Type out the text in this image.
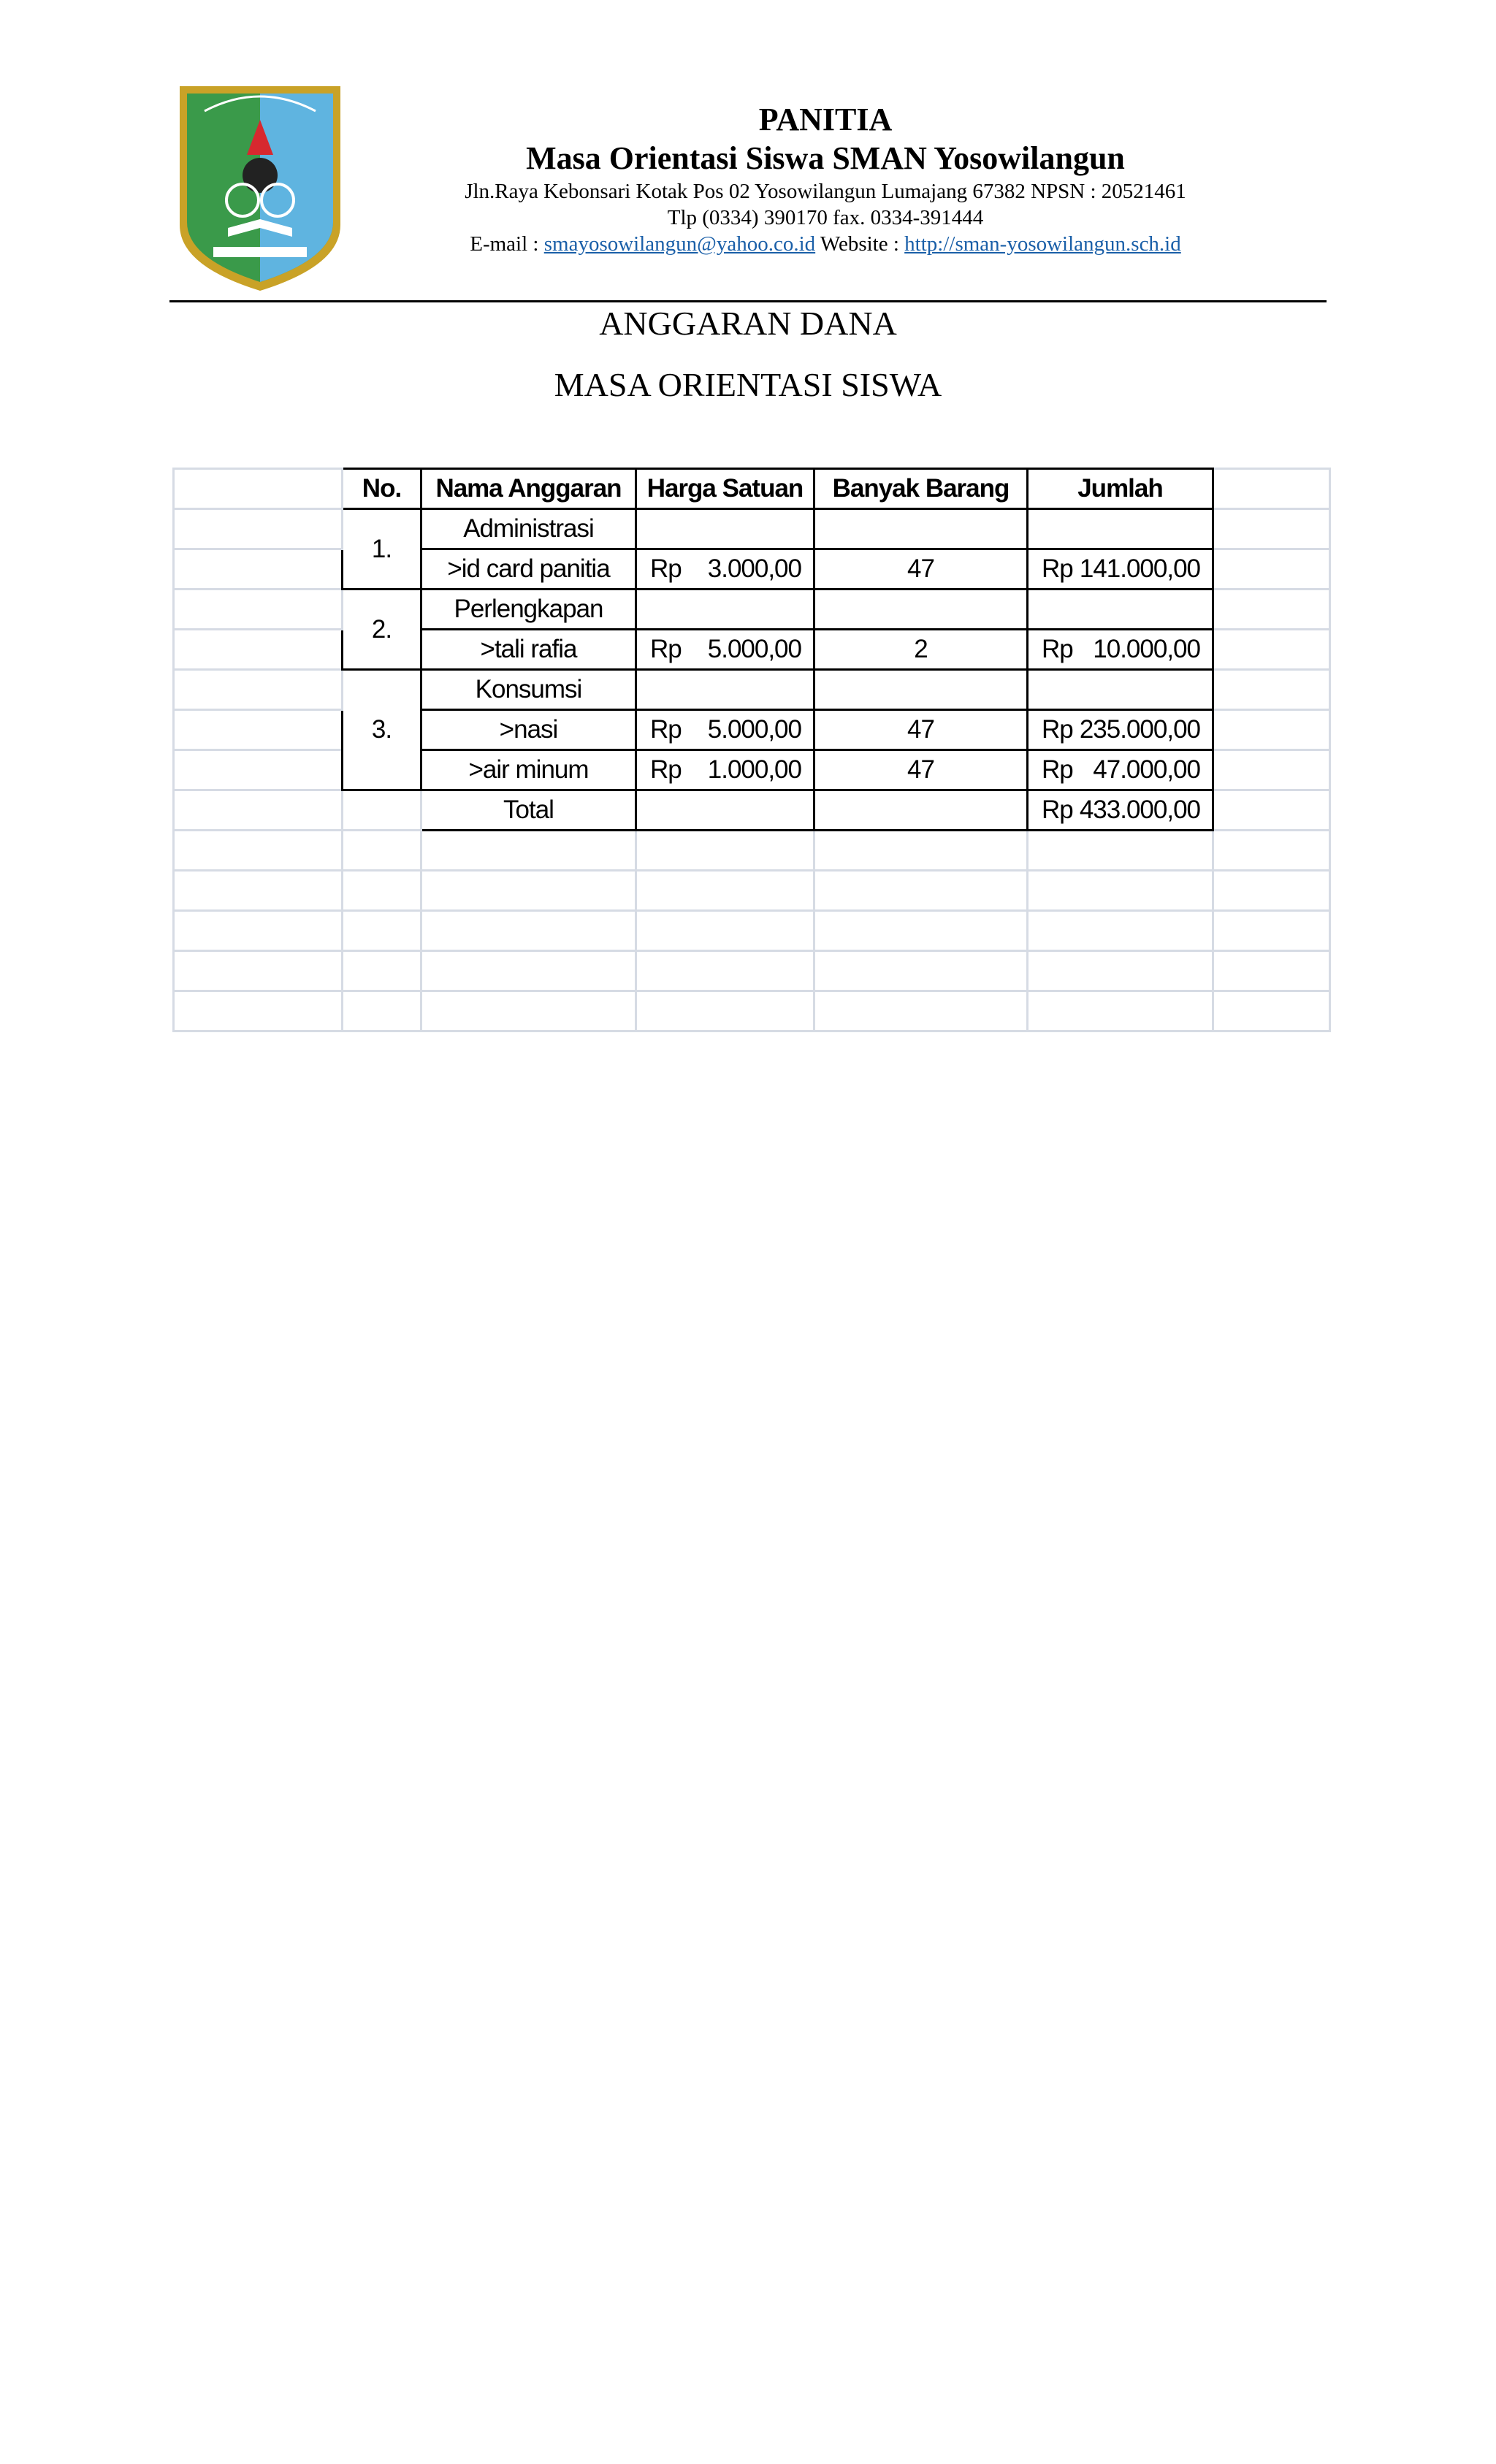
PANITIA
Masa Orientasi Siswa SMAN Yosowilangun
Jln.Raya Kebonsari Kotak Pos 02 Yosowilangun Lumajang 67382 NPSN : 20521461
Tlp (0334) 390170 fax. 0334-391444
E-mail : smayosowilangun@yahoo.co.id Website : http://sman-yosowilangun.sch.id
ANGGARAN DANA
MASA ORIENTASI SISWA
	No.	Nama Anggaran	Harga Satuan	Banyak Barang	Jumlah	
	1.	Administrasi				
		>id card panitia	Rp 3.000,00	47	Rp 141.000,00	

	2.	Perlengkapan				
		>tali rafia	Rp 5.000,00	2	Rp 10.000,00	

	3.	Konsumsi				
		>nasi	Rp 5.000,00	47	Rp 235.000,00	

		>air minum	Rp 1.000,00	47	Rp 47.000,00	

		Total			Rp 433.000,00	
